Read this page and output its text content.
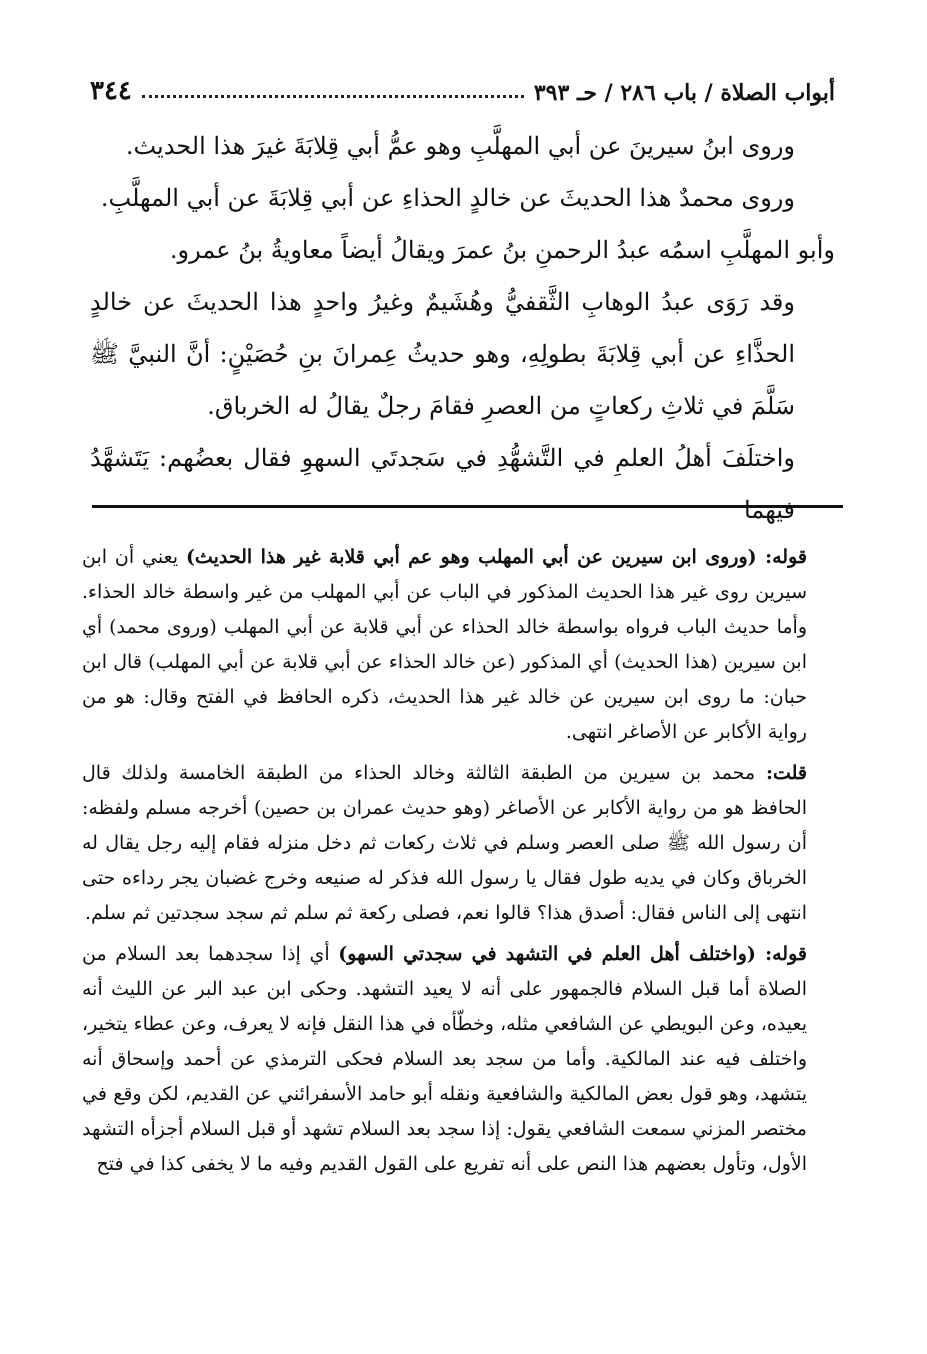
أبواب الصلاة / باب ٢٨٦ / حـ ٣٩٣
٣٤٤

وروى ابنُ سيرينَ عن أبي المهلَّبِ وهو عمُّ أبي قِلابَةَ غيرَ هذا الحديث.

وروى محمدٌ هذا الحديثَ عن خالدٍ الحذاءِ عن أبي قِلابَةَ عن أبي المهلَّبِ.

وأبو المهلَّبِ اسمُه عبدُ الرحمنِ بنُ عمرَ ويقالُ أيضاً معاويةُ بنُ عمرو.

وقد رَوَى عبدُ الوهابِ الثَّقفيُّ وهُشَيمٌ وغيرُ واحدٍ هذا الحديثَ عن خالدٍ الحذَّاءِ عن أبي قِلابَةَ بطولِهِ، وهو حديثُ عِمرانَ بنِ حُصَيْنٍ: أنَّ النبيَّ ﷺ سَلَّمَ في ثلاثِ ركعاتٍ من العصرِ فقامَ رجلٌ يقالُ له الخرباق.

واختلَفَ أهلُ العلمِ في التَّشهُّدِ في سَجدتَي السهوِ فقال بعضُهم: يَتَشهَّدُ فيهما

قوله: (وروى ابن سيرين عن أبي المهلب وهو عم أبي قلابة غير هذا الحديث) يعني أن ابن سيرين روى غير هذا الحديث المذكور في الباب عن أبي المهلب من غير واسطة خالد الحذاء. وأما حديث الباب فرواه بواسطة خالد الحذاء عن أبي قلابة عن أبي المهلب (وروى محمد) أي ابن سيرين (هذا الحديث) أي المذكور (عن خالد الحذاء عن أبي قلابة عن أبي المهلب) قال ابن حبان: ما روى ابن سيرين عن خالد غير هذا الحديث، ذكره الحافظ في الفتح وقال: هو من رواية الأكابر عن الأصاغر انتهى.

قلت: محمد بن سيرين من الطبقة الثالثة وخالد الحذاء من الطبقة الخامسة ولذلك قال الحافظ هو من رواية الأكابر عن الأصاغر (وهو حديث عمران بن حصين) أخرجه مسلم ولفظه: أن رسول الله ﷺ صلى العصر وسلم في ثلاث ركعات ثم دخل منزله فقام إليه رجل يقال له الخرباق وكان في يديه طول فقال يا رسول الله فذكر له صنيعه وخرج غضبان يجر رداءه حتى انتهى إلى الناس فقال: أصدق هذا؟ قالوا نعم، فصلى ركعة ثم سلم ثم سجد سجدتين ثم سلم.

قوله: (واختلف أهل العلم في التشهد في سجدتي السهو) أي إذا سجدهما بعد السلام من الصلاة أما قبل السلام فالجمهور على أنه لا يعيد التشهد. وحكى ابن عبد البر عن الليث أنه يعيده، وعن البويطي عن الشافعي مثله، وخطّأه في هذا النقل فإنه لا يعرف، وعن عطاء يتخير، واختلف فيه عند المالكية. وأما من سجد بعد السلام فحكى الترمذي عن أحمد وإسحاق أنه يتشهد، وهو قول بعض المالكية والشافعية ونقله أبو حامد الأسفرائني عن القديم، لكن وقع في مختصر المزني سمعت الشافعي يقول: إذا سجد بعد السلام تشهد أو قبل السلام أجزأه التشهد الأول، وتأول بعضهم هذا النص على أنه تفريع على القول القديم وفيه ما لا يخفى كذا في فتح
